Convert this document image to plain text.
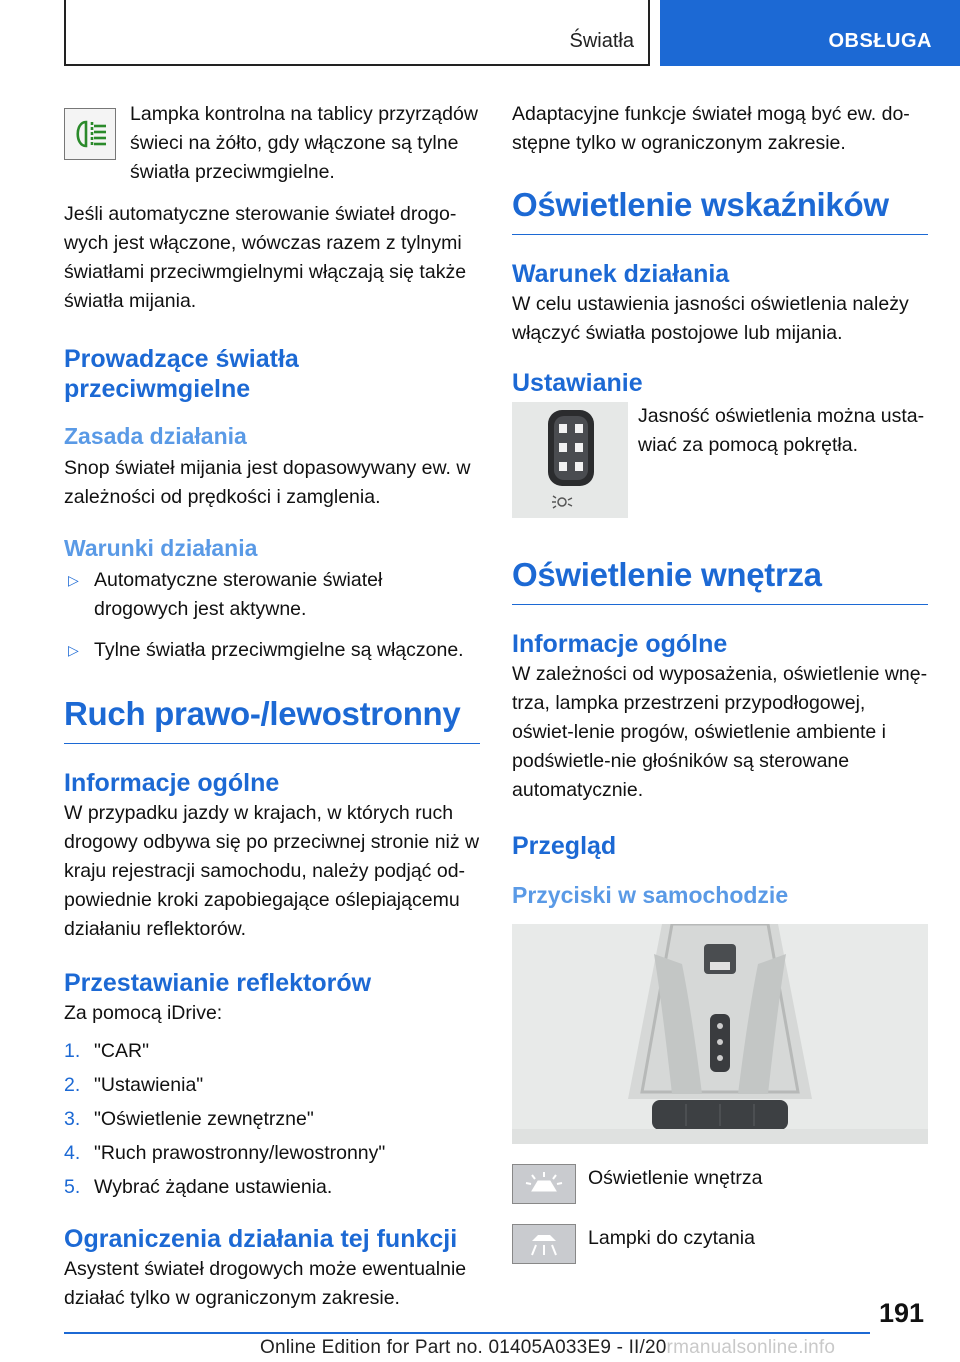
Światła	OBSŁUGA

Lampka kontrolna na tablicy przyrządów świeci na żółto, gdy włączone są tylne światła przeciwmgielne.

Jeśli automatyczne sterowanie świateł drogo-wych jest włączone, wówczas razem z tylnymi światłami przeciwmgielnymi włączają się także światła mijania.

Prowadzące światła przeciwmgielne
Zasada działania

Snop świateł mijania jest dopasowywany ew. w zależności od prędkości i zamglenia.

Warunki działania
▷ Automatyczne sterowanie świateł drogowych jest aktywne.
▷ Tylne światła przeciwmgielne są włączone.
Ruch prawo-/lewostronny
Informacje ogólne

W przypadku jazdy w krajach, w których ruch drogowy odbywa się po przeciwnej stronie niż w kraju rejestracji samochodu, należy podjąć od-powiednie kroki zapobiegające oślepiającemu działaniu reflektorów.

Przestawianie reflektorów

Za pomocą iDrive:

1. "CAR"
2. "Ustawienia"
3. "Oświetlenie zewnętrzne"
4. "Ruch prawostronny/lewostronny"
5. Wybrać żądane ustawienia.
Ograniczenia działania tej funkcji

Asystent świateł drogowych może ewentualnie działać tylko w ograniczonym zakresie.

Adaptacyjne funkcje świateł mogą być ew. do-stępne tylko w ograniczonym zakresie.

Oświetlenie wskaźników
Warunek działania

W celu ustawienia jasności oświetlenia należy włączyć światła postojowe lub mijania.

Ustawianie

Jasność oświetlenia można usta-wiać za pomocą pokrętła.

Oświetlenie wnętrza
Informacje ogólne

W zależności od wyposażenia, oświetlenie wnę-trza, lampka przestrzeni przypodłogowej, oświet-lenie progów, oświetlenie ambiente i podświetle-nie głośników są sterowane automatycznie.

Przegląd
Przyciski w samochodzie

Oświetlenie wnętrza

Lampki do czytania

191
Online Edition for Part no. 01405A033E9 - II/20rmanualsonline.info
